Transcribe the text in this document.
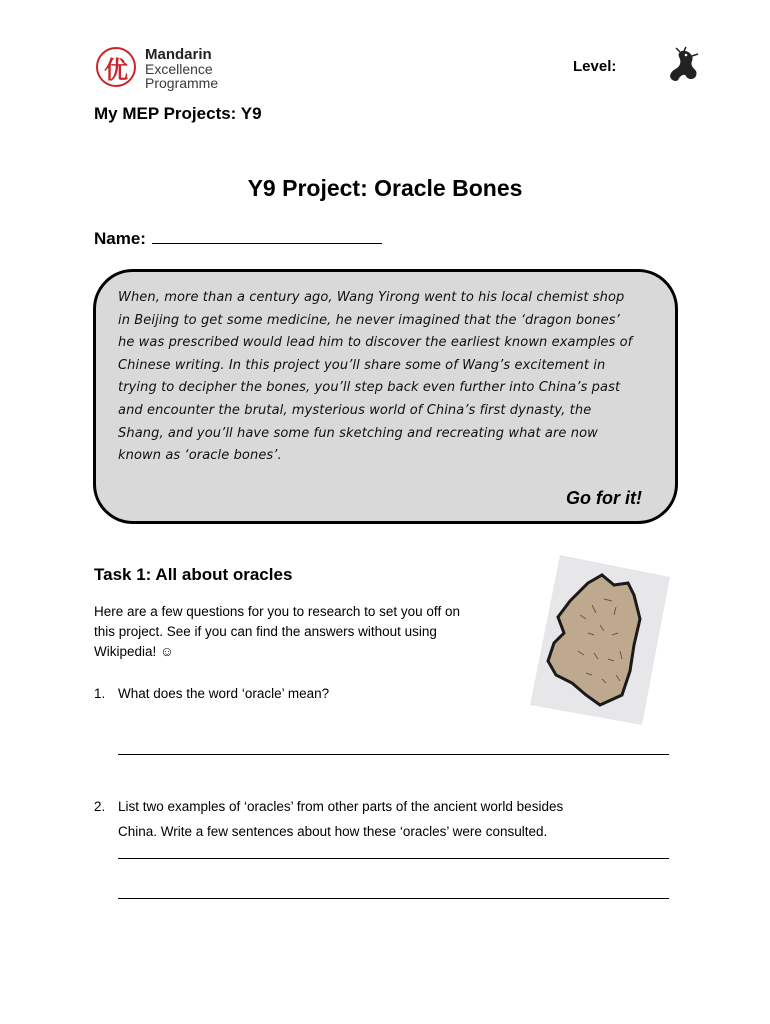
优	Mandarin
Excellence
Programme
Level:
My MEP Projects: Y9
Y9 Project: Oracle Bones
Name:
When, more than a century ago, Wang Yirong went to his local chemist shop
in Beijing to get some medicine, he never imagined that the ‘dragon bones’
he was prescribed would lead him to discover the earliest known examples of
Chinese writing. In this project you’ll share some of Wang’s excitement in
trying to decipher the bones, you’ll step back even further into China’s past
and encounter the brutal, mysterious world of China’s first dynasty, the
Shang, and you’ll have some fun sketching and recreating what are now
known as ‘oracle bones’.
Go for it!
Task 1: All about oracles
Here are a few questions for you to research to set you off on
this project. See if you can find the answers without using
Wikipedia! ☺
1. What does the word ‘oracle’ mean?
2. List two examples of ‘oracles’ from other parts of the ancient world besides
China. Write a few sentences about how these ‘oracles’ were consulted.
